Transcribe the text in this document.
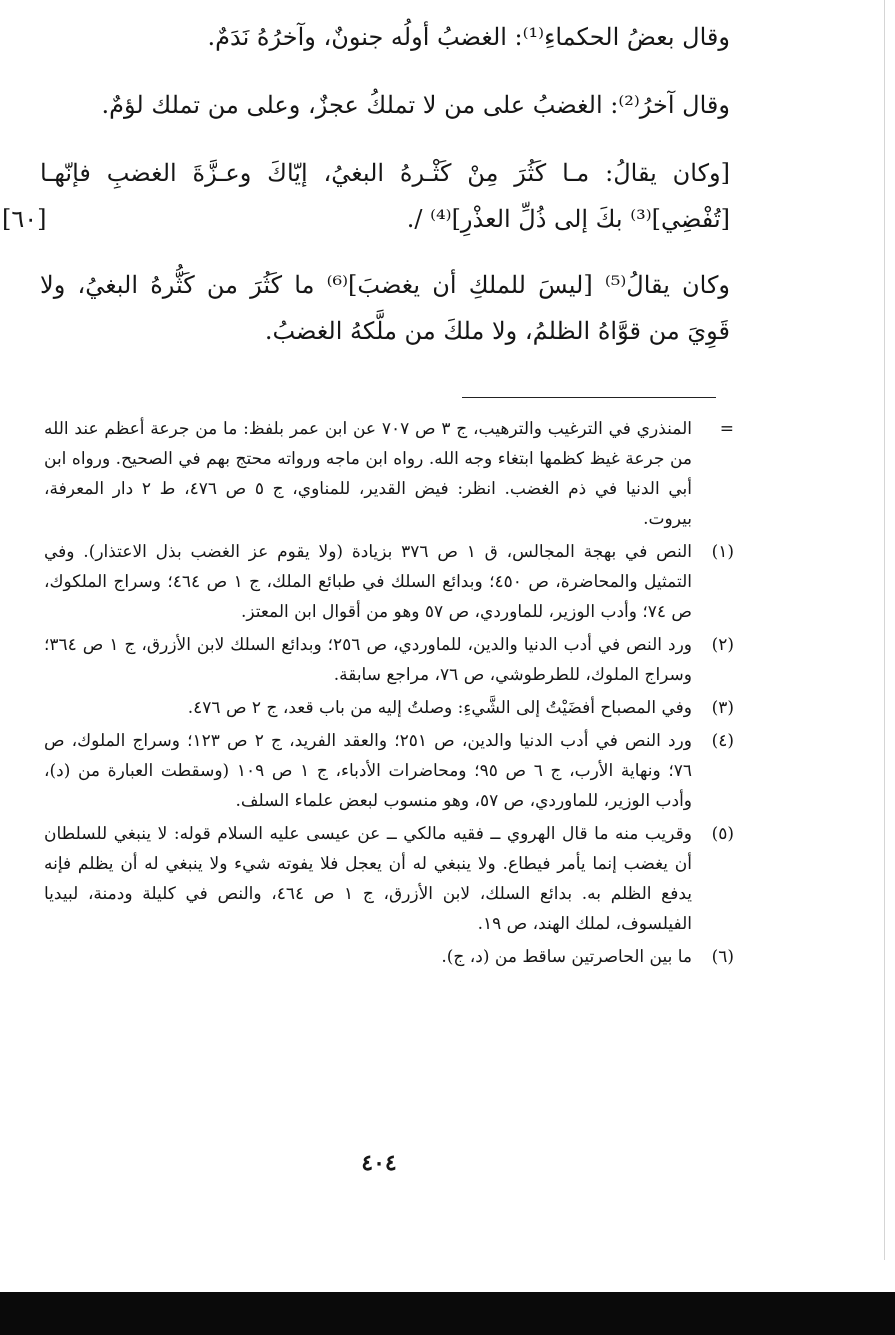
وقال بعضُ الحكماءِ⁽¹⁾: الغضبُ أولُه جنونٌ، وآخرُهُ نَدَمٌ.

وقال آخرُ⁽²⁾: الغضبُ على من لا تملكُ عجزٌ، وعلى من تملك لؤمٌ.

[وكان يقالُ: مـا كَثُرَ مِنْ كَثْـرهُ البغيُ، إيّاكَ وعـزَّةَ الغضبِ فإنّهـا [تُفْضِي]⁽³⁾ بكَ إلى ذُلِّ العذْرِ]⁽⁴⁾ /.
[٦٠]

وكان يقالُ⁽⁵⁾ [ليسَ للملكِ أن يغضبَ]⁽⁶⁾ ما كَثُرَ من كَثُّرهُ البغيُ، ولا قَوِيَ من قوَّاهُ الظلمُ، ولا ملكَ من ملَّكهُ الغضبُ.

=
المنذري في الترغيب والترهيب، ج ٣ ص ٧٠٧ عن ابن عمر بلفظ: ما من جرعة أعظم عند الله من جرعة غيظ كظمها ابتغاء وجه الله. رواه ابن ماجه ورواته محتج بهم في الصحيح. ورواه ابن أبي الدنيا في ذم الغضب. انظر: فيض القدير، للمناوي، ج ٥ ص ٤٧٦، ط ٢ دار المعرفة، بيروت.
(١)
النص في بهجة المجالس، ق ١ ص ٣٧٦ بزيادة (ولا يقوم عز الغضب بذل الاعتذار). وفي التمثيل والمحاضرة، ص ٤٥٠؛ وبدائع السلك في طبائع الملك، ج ١ ص ٤٦٤؛ وسراج الملكوك، ص ٧٤؛ وأدب الوزير، للماوردي، ص ٥٧ وهو من أقوال ابن المعتز.
(٢)
ورد النص في أدب الدنيا والدين، للماوردي، ص ٢٥٦؛ وبدائع السلك لابن الأزرق، ج ١ ص ٣٦٤؛ وسراج الملوك، للطرطوشي، ص ٧٦، مراجع سابقة.
(٣)
وفي المصباح أفضَيْتُ إلى الشَّيءِ: وصلتُ إليه من باب قعد، ج ٢ ص ٤٧٦.
(٤)
ورد النص في أدب الدنيا والدين، ص ٢٥١؛ والعقد الفريد، ج ٢ ص ١٢٣؛ وسراج الملوك، ص ٧٦؛ ونهاية الأرب، ج ٦ ص ٩٥؛ ومحاضرات الأدباء، ج ١ ص ١٠٩ (وسقطت العبارة من (د)، وأدب الوزير، للماوردي، ص ٥٧، وهو منسوب لبعض علماء السلف.
(٥)
وقريب منه ما قال الهروي ــ فقيه مالكي ــ عن عيسى عليه السلام قوله: لا ينبغي للسلطان أن يغضب إنما يأمر فيطاع. ولا ينبغي له أن يعجل فلا يفوته شيء ولا ينبغي له أن يظلم فإنه يدفع الظلم به. بدائع السلك، لابن الأزرق، ج ١ ص ٤٦٤، والنص في كليلة ودمنة، لبيديا الفيلسوف، لملك الهند، ص ١٩.
(٦)
ما بين الحاصرتين ساقط من (د، ج).
٤٠٤
